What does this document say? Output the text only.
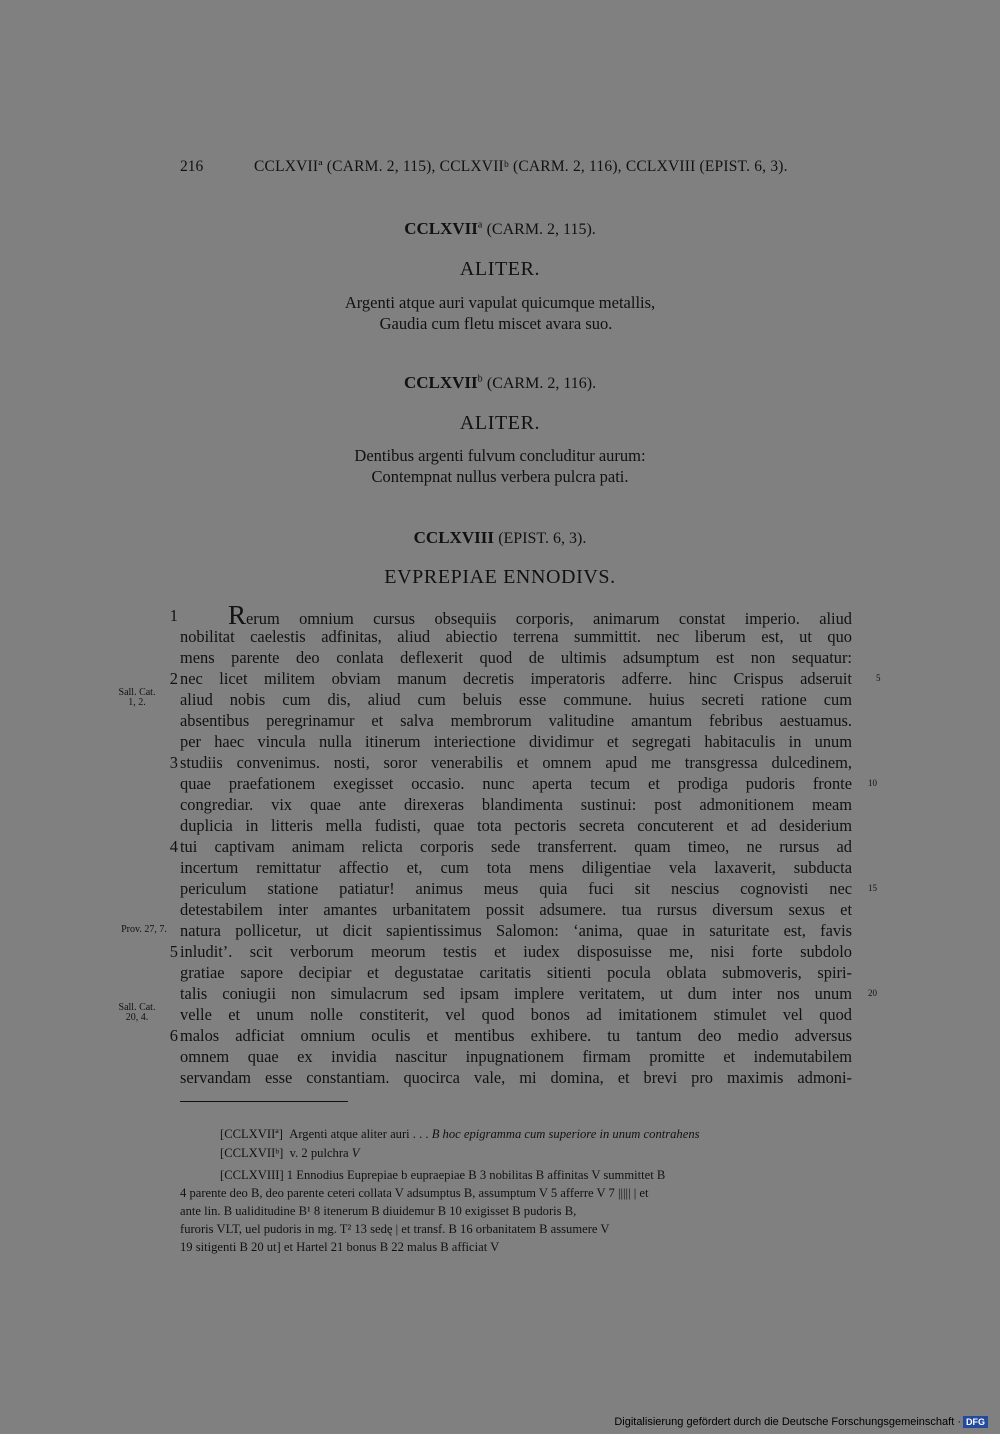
216	CCLXVIIª (CARM. 2, 115), CCLXVIIᵇ (CARM. 2, 116), CCLXVIII (EPIST. 6, 3).
CCLXVII$^a$ (CARM. 2, 115).
ALITER.
Argenti atque auri vapulat quicumque metallis,
Gaudia cum fletu miscet avara suo.
CCLXVII$^b$ (CARM. 2, 116).
ALITER.
Dentibus argenti fulvum concluditur aurum:
Contempnat nullus verbera pulcra pati.
CCLXVIII (EPIST. 6, 3).
EVPREPIAE ENNODIVS.
Rerum omnium cursus obsequiis corporis, animarum constat imperio. aliud
nobilitat caelestis adfinitas, aliud abiectio terrena summittit. nec liberum est, ut quo
mens parente deo conlata deflexerit quod de ultimis adsumptum est non sequatur:
nec licet militem obviam manum decretis imperatoris adferre. hinc Crispus adseruit
aliud nobis cum dis, aliud cum beluis esse commune. huius secreti ratione cum
absentibus peregrinamur et salva membrorum valitudine amantum febribus aestuamus.
per haec vincula nulla itinerum interiectione dividimur et segregati habitaculis in unum
studiis convenimus. nosti, soror venerabilis et omnem apud me transgressa dulcedinem,
quae praefationem exegisset occasio. nunc aperta tecum et prodiga pudoris fronte
congrediar. vix quae ante direxeras blandimenta sustinui: post admonitionem meam
duplicia in litteris mella fudisti, quae tota pectoris secreta concuterent et ad desiderium
tui captivam animam relicta corporis sede transferrent. quam timeo, ne rursus ad
incertum remittatur affectio et, cum tota mens diligentiae vela laxaverit, subducta
periculum statione patiatur! animus meus quia fuci sit nescius cognovisti nec
detestabilem inter amantes urbanitatem possit adsumere. tua rursus diversum sexus et
natura pollicetur, ut dicit sapientissimus Salomon: ‘anima, quae in saturitate est, favis
inludit’. scit verborum meorum testis et iudex disposuisse me, nisi forte subdolo
gratiae sapore decipiar et degustatae caritatis sitienti pocula oblata submoveris, spiri-
talis coniugii non simulacrum sed ipsam implere veritatem, ut dum inter nos unum
velle et unum nolle constiterit, vel quod bonos ad imitationem stimulet vel quod
malos adficiat omnium oculis et mentibus exhibere. tu tantum deo medio adversus
omnem quae ex invidia nascitur inpugnationem firmam promitte et indemutabilem
servandam esse constantiam. quocirca vale, mi domina, et brevi pro maximis admoni-
1
2
3
4
5
6
5
10
15
20
Sall. Cat.
1, 2.
Prov. 27, 7.
Sall. Cat.
20, 4.
[CCLXVIIª] Argenti atque aliter auri . . . B hoc epigramma cum superiore in unum contrahens
[CCLXVIIᵇ] v. 2 pulchra V
[CCLXVIII] 1 Ennodius Euprepiae b eupraepiae B 3 nobilitas B affinitas V summittet B
4 parente deo B, deo parente ceteri collata V adsumptus B, assumptum V 5 afferre V 7 ||||| | et
ante lin. B ualiditudine B¹ 8 itenerum B diuidemur B 10 exigisset B pudoris B,
furoris VLT, uel pudoris in mg. T² 13 sedę | et transf. B 16 orbanitatem B assumere V
19 sitigenti B 20 ut] et Hartel 21 bonus B 22 malus B afficiat V
Digitalisierung gefördert durch die Deutsche Forschungsgemeinschaft · DFG
